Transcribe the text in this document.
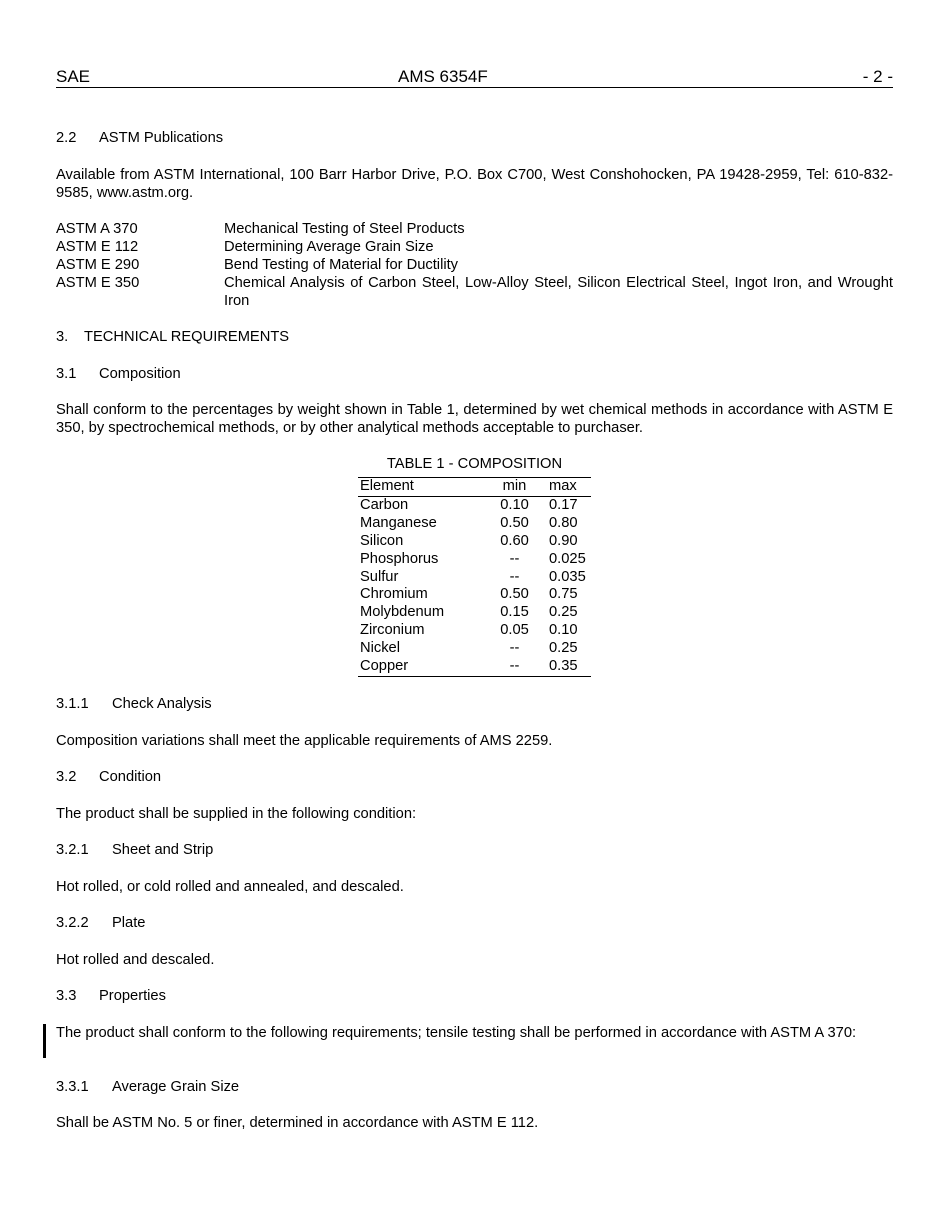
SAE	AMS 6354F	- 2 -
2.2 ASTM Publications
Available from ASTM International, 100 Barr Harbor Drive, P.O. Box C700, West Conshohocken, PA 19428-2959, Tel: 610-832-9585, www.astm.org.
ASTM A 370	Mechanical Testing of Steel Products
ASTM E 112	Determining Average Grain Size
ASTM E 290	Bend Testing of Material for Ductility
ASTM E 350	Chemical Analysis of Carbon Steel, Low-Alloy Steel, Silicon Electrical Steel, Ingot Iron, and Wrought Iron
3. TECHNICAL REQUIREMENTS
3.1 Composition
Shall conform to the percentages by weight shown in Table 1, determined by wet chemical methods in accordance with ASTM E 350, by spectrochemical methods, or by other analytical methods acceptable to purchaser.
TABLE 1 - COMPOSITION
Element	min	max
Carbon	0.10	0.17
Manganese	0.50	0.80
Silicon	0.60	0.90
Phosphorus	--	0.025
Sulfur	--	0.035
Chromium	0.50	0.75
Molybdenum	0.15	0.25
Zirconium	0.05	0.10
Nickel	--	0.25
Copper	--	0.35
3.1.1 Check Analysis
Composition variations shall meet the applicable requirements of AMS 2259.
3.2 Condition
The product shall be supplied in the following condition:
3.2.1 Sheet and Strip
Hot rolled, or cold rolled and annealed, and descaled.
3.2.2 Plate
Hot rolled and descaled.
3.3 Properties
The product shall conform to the following requirements; tensile testing shall be performed in accordance with ASTM A 370:
3.3.1 Average Grain Size
Shall be ASTM No. 5 or finer, determined in accordance with ASTM E 112.
